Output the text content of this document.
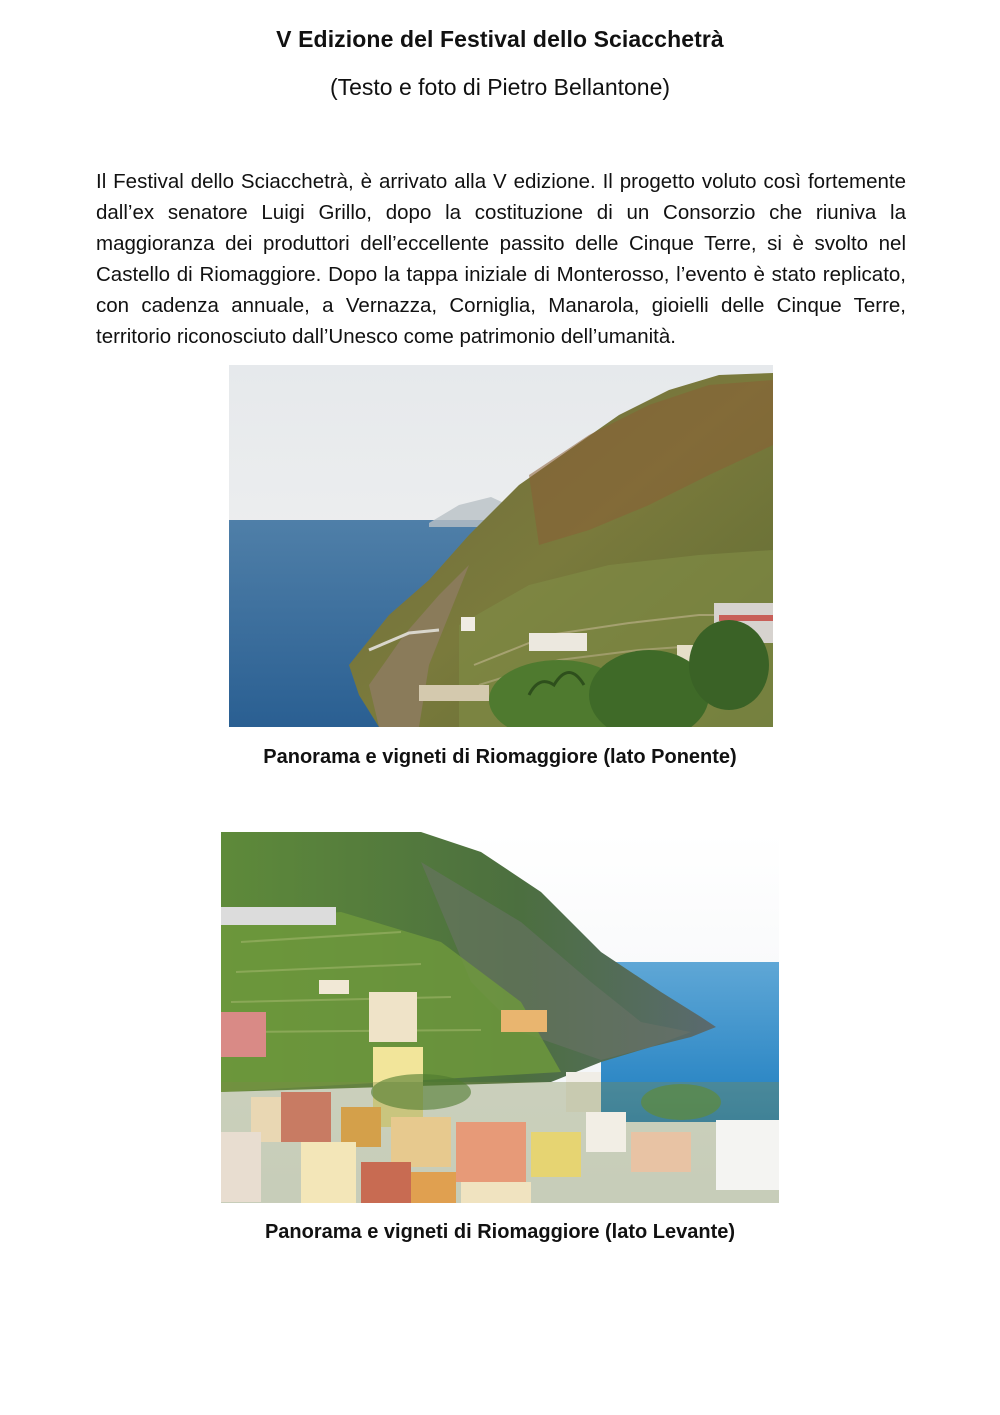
V Edizione del Festival dello Sciacchetrà
(Testo e foto di Pietro Bellantone)

Il Festival dello Sciacchetrà, è arrivato alla V edizione. Il progetto voluto così fortemente dall’ex senatore Luigi Grillo, dopo la costituzione di un Consorzio che riuniva la maggioranza dei produttori dell’eccellente passito delle Cinque Terre, si è svolto nel Castello di Riomaggiore. Dopo la tappa iniziale di Monterosso, l’evento è stato replicato, con cadenza annuale, a Vernazza, Corniglia, Manarola, gioielli delle Cinque Terre, territorio riconosciuto dall’Unesco come patrimonio dell’umanità.

Panorama e vigneti di Riomaggiore (lato Ponente)
Panorama e vigneti di Riomaggiore (lato Levante)
